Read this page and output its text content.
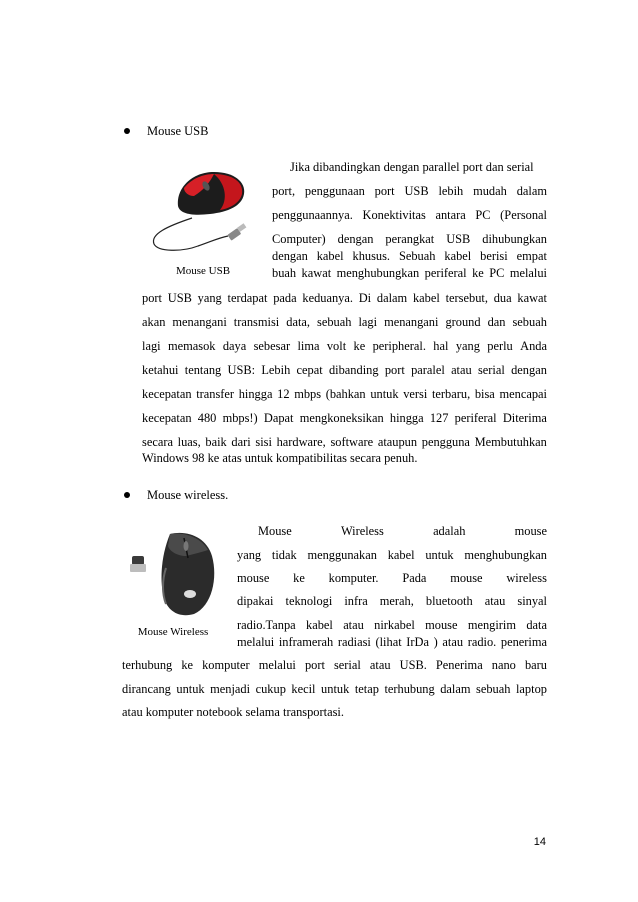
Mouse USB
Mouse USB
Jika dibandingkan dengan parallel port dan serial
port, penggunaan port USB lebih mudah dalam
penggunaannya. Konektivitas antara PC (Personal
Computer) dengan perangkat USB dihubungkan
dengan kabel khusus. Sebuah kabel berisi empat
buah kawat menghubungkan periferal ke PC melalui
port USB yang terdapat pada keduanya. Di dalam kabel tersebut, dua kawat
akan menangani transmisi data, sebuah lagi menangani ground dan sebuah
lagi memasok daya sebesar lima volt ke peripheral. hal yang perlu Anda
ketahui tentang USB: Lebih cepat dibanding port paralel atau serial dengan
kecepatan transfer hingga 12 mbps (bahkan untuk versi terbaru, bisa mencapai
kecepatan 480 mbps!) Dapat mengkoneksikan hingga 127 periferal Diterima
secara luas, baik dari sisi hardware, software ataupun pengguna Membutuhkan
Windows 98 ke atas untuk kompatibilitas secara penuh.
Mouse wireless.
Mouse Wireless
Mouse	Wireless	adalah	mouse
yang tidak menggunakan kabel untuk menghubungkan
mouse ke komputer. Pada mouse wireless
dipakai teknologi infra merah, bluetooth atau sinyal
radio.Tanpa kabel atau nirkabel mouse mengirim data
melalui inframerah radiasi (lihat IrDa ) atau radio. penerima
terhubung ke komputer melalui port serial atau USB. Penerima nano baru
dirancang untuk menjadi cukup kecil untuk tetap terhubung dalam sebuah laptop
atau komputer notebook selama transportasi.
14
